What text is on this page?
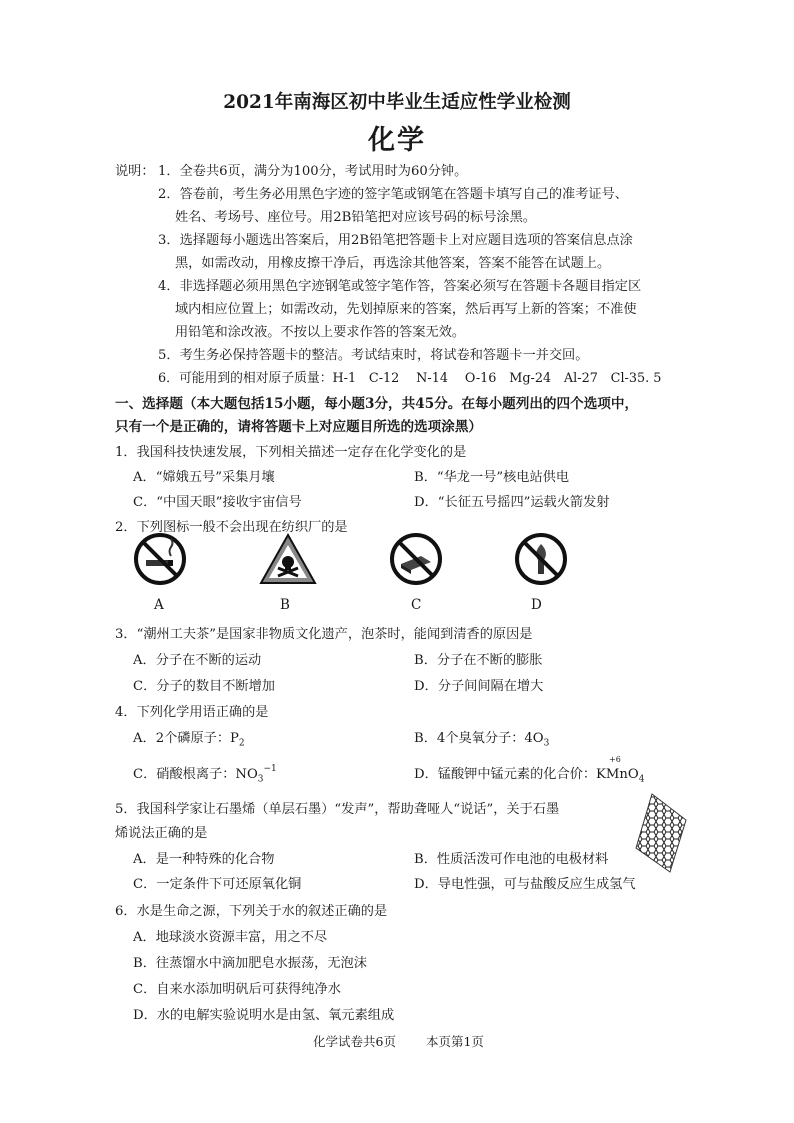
2021年南海区初中毕业生适应性学业检测
化学
说明： 1．全卷共6页，满分为100分，考试用时为60分钟。
2．答卷前，考生务必用黑色字迹的签字笔或钢笔在答题卡填写自己的准考证号、
姓名、考场号、座位号。用2B铅笔把对应该号码的标号涂黑。
3．选择题每小题选出答案后，用2B铅笔把答题卡上对应题目选项的答案信息点涂
黑，如需改动，用橡皮擦干净后，再选涂其他答案，答案不能答在试题上。
4．非选择题必须用黑色字迹钢笔或签字笔作答，答案必须写在答题卡各题目指定区
域内相应位置上；如需改动，先划掉原来的答案，然后再写上新的答案；不准使
用铅笔和涂改液。不按以上要求作答的答案无效。
5．考生务必保持答题卡的整洁。考试结束时，将试卷和答题卡一并交回。
6．可能用到的相对原子质量：H-1　C-12　 N-14　 O-16　Mg-24　Al-27　Cl-35. 5
一、选择题（本大题包括15小题，每小题3分，共45分。在每小题列出的四个选项中，
只有一个是正确的，请将答题卡上对应题目所选的选项涂黑）
1．我国科技快速发展，下列相关描述一定存在化学变化的是
A．“嫦娥五号”采集月壤	B．“华龙一号”核电站供电
C．“中国天眼”接收宇宙信号	D．“长征五号摇四”运载火箭发射
2．下列图标一般不会出现在纺织厂的是
A	B	C	D
3．“潮州工夫茶”是国家非物质文化遗产，泡茶时，能闻到清香的原因是
A．分子在不断的运动	B．分子在不断的膨胀
C．分子的数目不断增加	D．分子间间隔在增大
4．下列化学用语正确的是
A．2个磷原子：$P_2$	B．4个臭氧分子：$4O_3$
C．硝酸根离子：$NO_3^{-1}$	D．锰酸钾中锰元素的化合价：
+6
KMnO$_4$
5．我国科学家让石墨烯（单层石墨）“发声”，帮助聋哑人“说话”，关于石墨
烯说法正确的是
A．是一种特殊的化合物	B．性质活泼可作电池的电极材料
C．一定条件下可还原氧化铜	D．导电性强，可与盐酸反应生成氢气
6．水是生命之源，下列关于水的叙述正确的是
A．地球淡水资源丰富，用之不尽
B．往蒸馏水中滴加肥皂水振荡，无泡沫
C．自来水添加明矾后可获得纯净水
D．水的电解实验说明水是由氢、氧元素组成
化学试卷共6页 本页第1页
